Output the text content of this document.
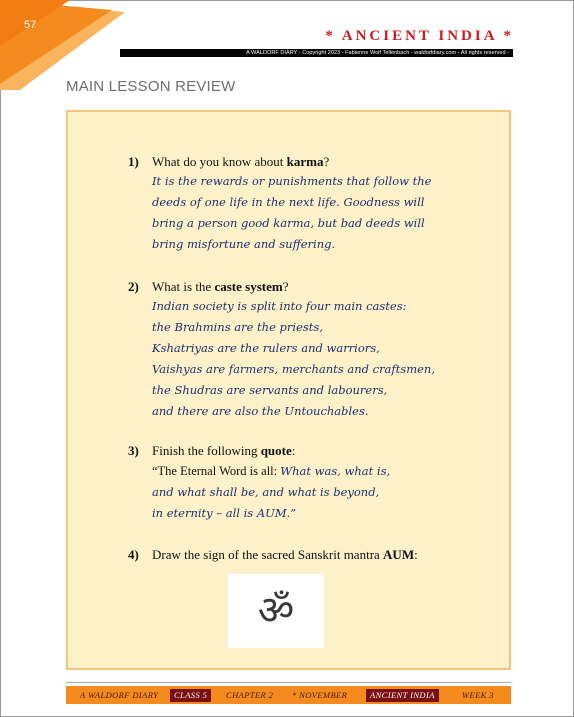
57
* ANCIENT INDIA *
A WALDORF DIARY - Copyright 2023 - Fabienne Wolf Tellenbach - waldorfdiary.com - All rights reserved -
MAIN LESSON REVIEW
1) What do you know about karma?
It is the rewards or punishments that follow the
deeds of one life in the next life. Goodness will
bring a person good karma, but bad deeds will
bring misfortune and suffering.
2) What is the caste system?
Indian society is split into four main castes:
the Brahmins are the priests,
Kshatriyas are the rulers and warriors,
Vaishyas are farmers, merchants and craftsmen,
the Shudras are servants and labourers,
and there are also the Untouchables.
3) Finish the following quote:
“The Eternal Word is all: What was, what is,
and what shall be, and what is beyond,
in eternity – all is AUM.”
4) Draw the sign of the sacred Sanskrit mantra AUM:
ॐ
A WALDORF DIARY	CLASS 5	CHAPTER 2 * NOVEMBER	ANCIENT INDIA	WEEK 3
